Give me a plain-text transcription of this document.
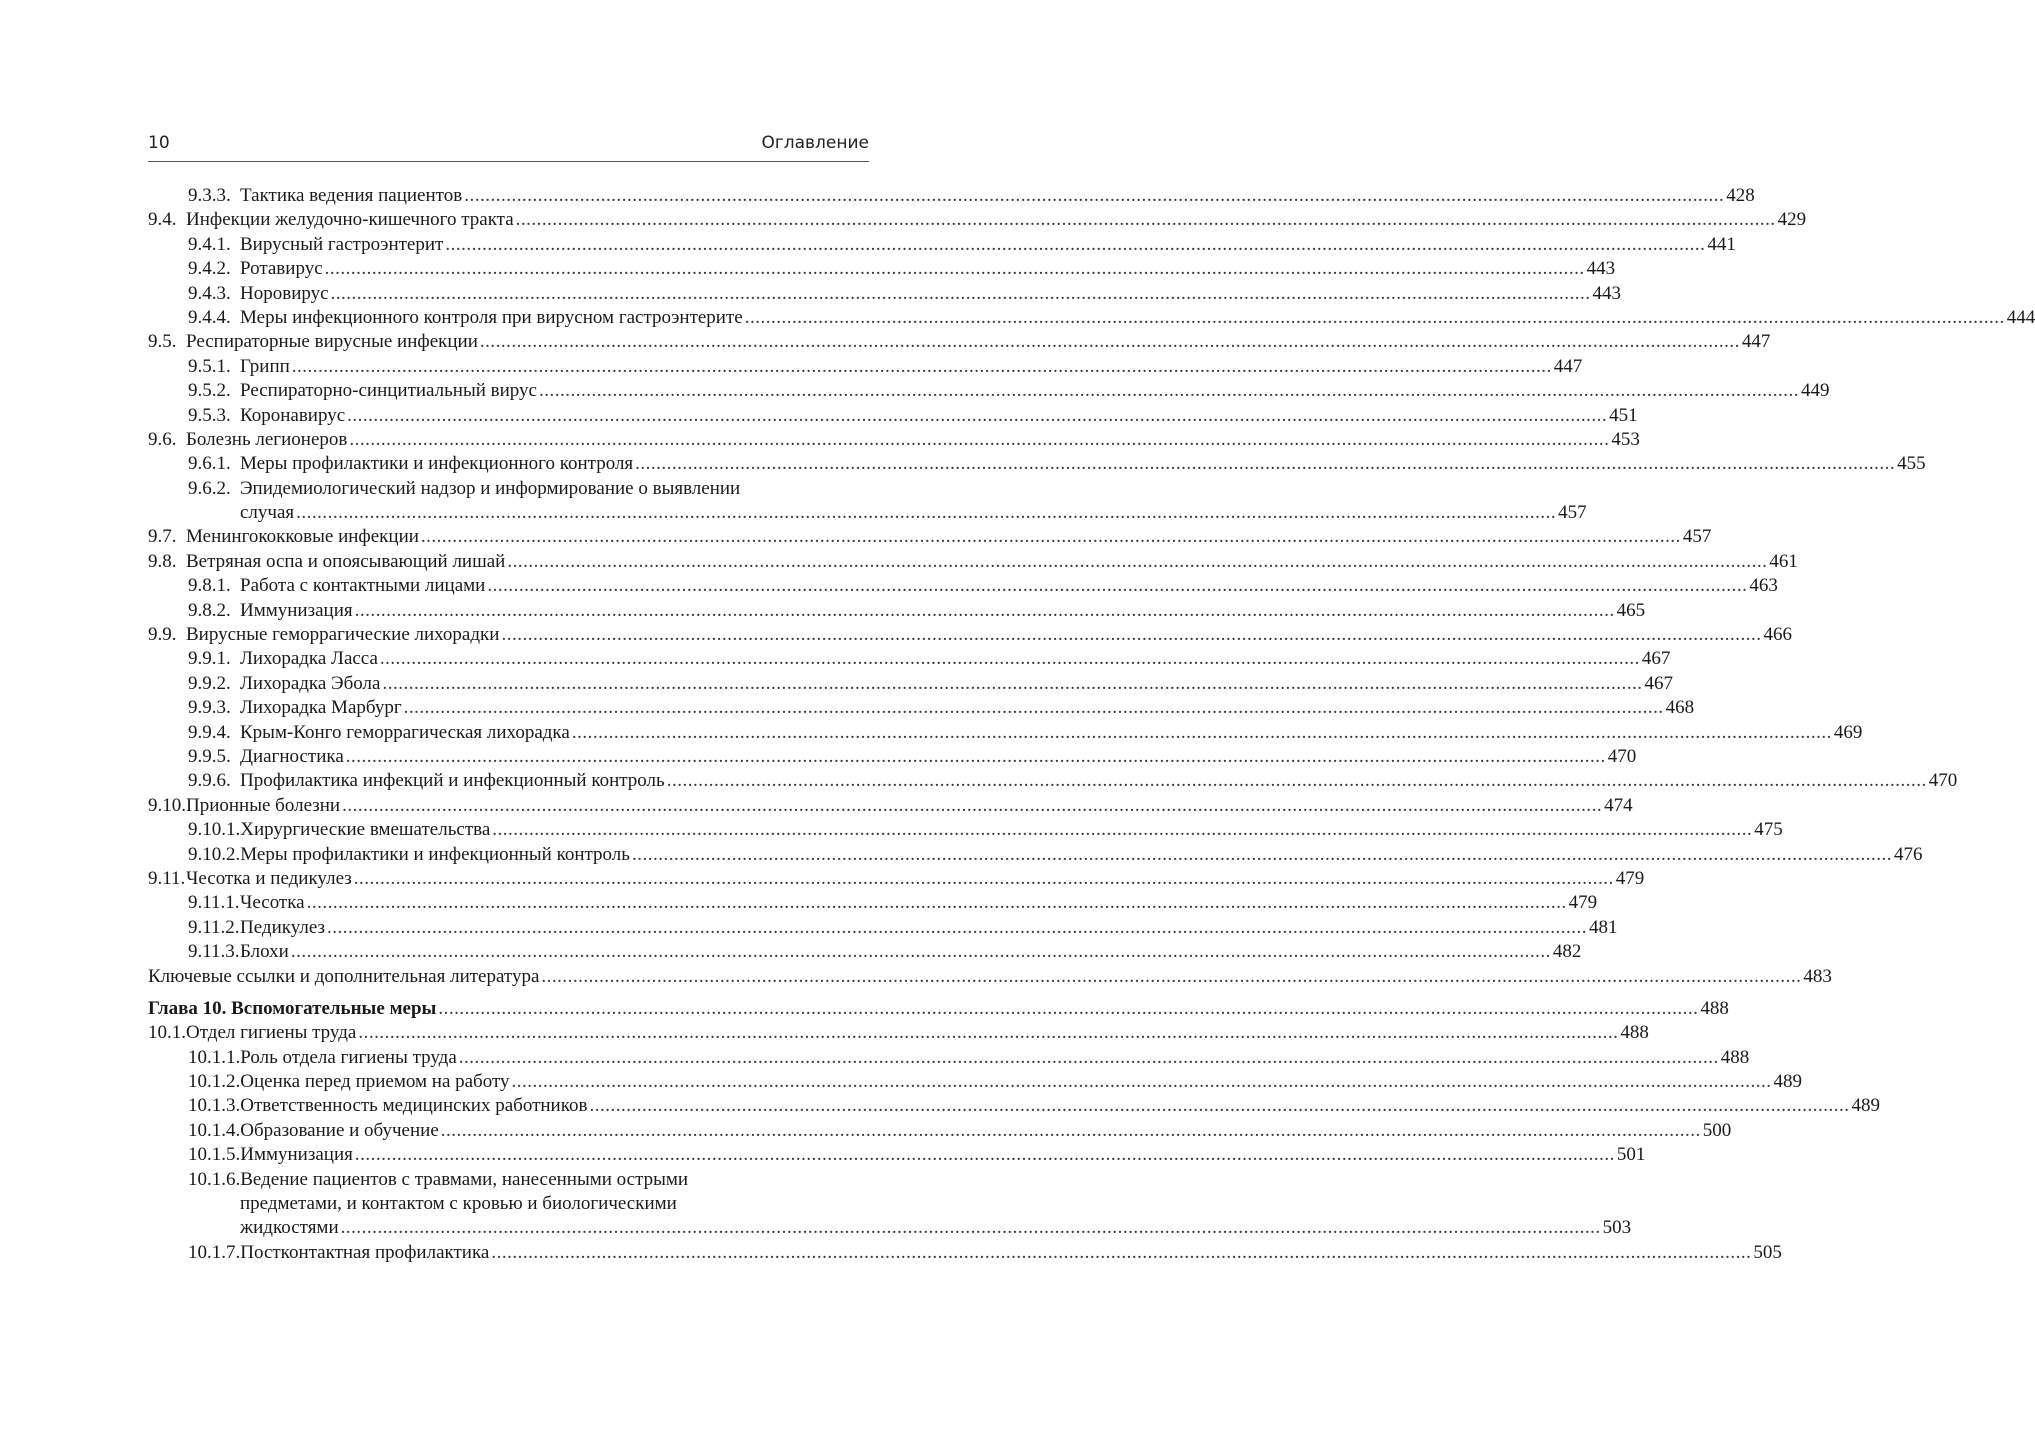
10	Оглавление
9.3.3. Тактика ведения пациентов .....	428
9.4. Инфекции желудочно-кишечного тракта .....	429
9.4.1. Вирусный гастроэнтерит .....	441
9.4.2. Ротавирус .....	443
9.4.3. Норовирус .....	443
9.4.4. Меры инфекционного контроля при вирусном гастроэнтерите .....	444
9.5. Респираторные вирусные инфекции .....	447
9.5.1. Грипп .....	447
9.5.2. Респираторно-синцитиальный вирус .....	449
9.5.3. Коронавирус .....	451
9.6. Болезнь легионеров .....	453
9.6.1. Меры профилактики и инфекционного контроля .....	455
9.6.2. Эпидемиологический надзор и информирование о выявлении
случая .....	457
9.7. Менингококковые инфекции .....	457
9.8. Ветряная оспа и опоясывающий лишай .....	461
9.8.1. Работа с контактными лицами .....	463
9.8.2. Иммунизация .....	465
9.9. Вирусные геморрагические лихорадки .....	466
9.9.1. Лихорадка Ласса .....	467
9.9.2. Лихорадка Эбола .....	467
9.9.3. Лихорадка Марбург .....	468
9.9.4. Крым-Конго геморрагическая лихорадка .....	469
9.9.5. Диагностика .....	470
9.9.6. Профилактика инфекций и инфекционный контроль .....	470
9.10. Прионные болезни .....	474
9.10.1. Хирургические вмешательства .....	475
9.10.2. Меры профилактики и инфекционный контроль .....	476
9.11. Чесотка и педикулез .....	479
9.11.1. Чесотка .....	479
9.11.2. Педикулез .....	481
9.11.3. Блохи .....	482
Ключевые ссылки и дополнительная литература .....	483
Глава 10. Вспомогательные меры .....	488
10.1. Отдел гигиены труда .....	488
10.1.1. Роль отдела гигиены труда .....	488
10.1.2. Оценка перед приемом на работу .....	489
10.1.3. Ответственность медицинских работников .....	489
10.1.4. Образование и обучение .....	500
10.1.5. Иммунизация .....	501
10.1.6. Ведение пациентов с травмами, нанесенными острыми
предметами, и контактом с кровью и биологическими
жидкостями .....	503
10.1.7. Постконтактная профилактика .....	505
